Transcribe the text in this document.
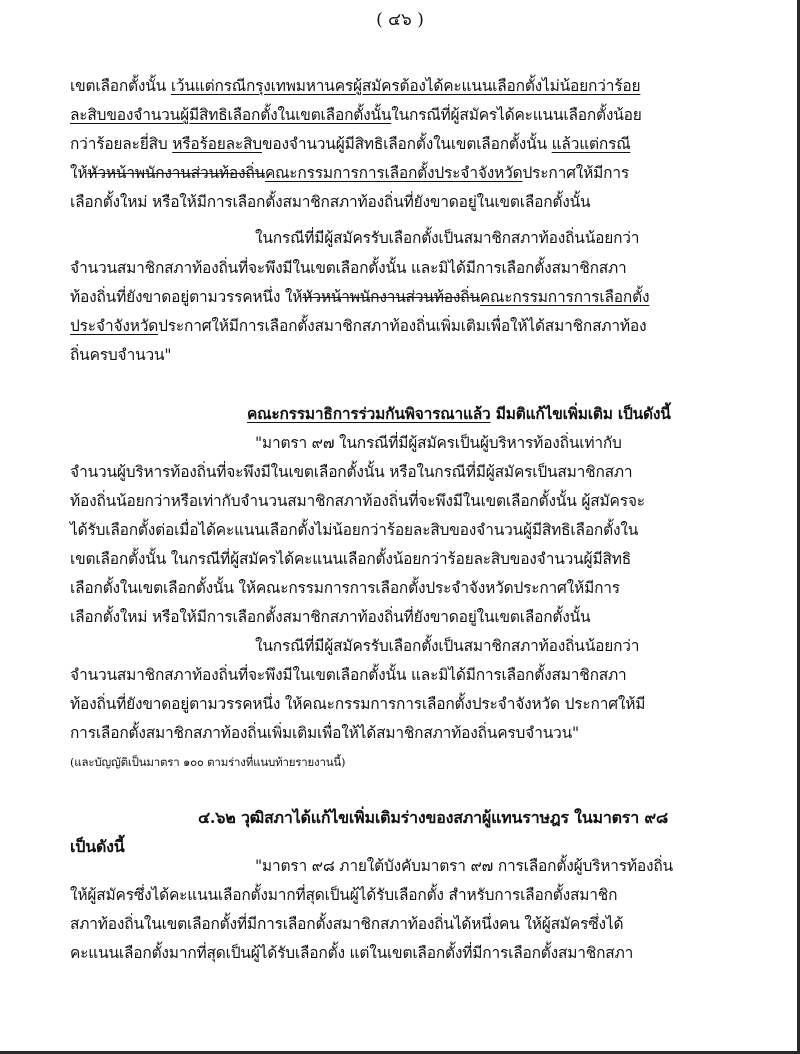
( ๔๖ )
เขตเลือกตั้งนั้น เว้นแต่กรณีกรุงเทพมหานครผู้สมัครต้องได้คะแนนเลือกตั้งไม่น้อยกว่าร้อย
ละสิบของจำนวนผู้มีสิทธิเลือกตั้งในเขตเลือกตั้งนั้นในกรณีที่ผู้สมัครได้คะแนนเลือกตั้งน้อย
กว่าร้อยละยี่สิบ หรือร้อยละสิบของจำนวนผู้มีสิทธิเลือกตั้งในเขตเลือกตั้งนั้น แล้วแต่กรณี
ให้หัวหน้าพนักงานส่วนท้องถิ่นคณะกรรมการการเลือกตั้งประจำจังหวัดประกาศให้มีการ
เลือกตั้งใหม่ หรือให้มีการเลือกตั้งสมาชิกสภาท้องถิ่นที่ยังขาดอยู่ในเขตเลือกตั้งนั้น
ในกรณีที่มีผู้สมัครรับเลือกตั้งเป็นสมาชิกสภาท้องถิ่นน้อยกว่า
จำนวนสมาชิกสภาท้องถิ่นที่จะพึงมีในเขตเลือกตั้งนั้น และมิได้มีการเลือกตั้งสมาชิกสภา
ท้องถิ่นที่ยังขาดอยู่ตามวรรคหนึ่ง ให้หัวหน้าพนักงานส่วนท้องถิ่นคณะกรรมการการเลือกตั้ง
ประจำจังหวัดประกาศให้มีการเลือกตั้งสมาชิกสภาท้องถิ่นเพิ่มเติมเพื่อให้ได้สมาชิกสภาท้อง
ถิ่นครบจำนวน"
คณะกรรมาธิการร่วมกันพิจารณาแล้ว มีมติแก้ไขเพิ่มเติม เป็นดังนี้
"มาตรา ๙๗ ในกรณีที่มีผู้สมัครเป็นผู้บริหารท้องถิ่นเท่ากับ
จำนวนผู้บริหารท้องถิ่นที่จะพึงมีในเขตเลือกตั้งนั้น หรือในกรณีที่มีผู้สมัครเป็นสมาชิกสภา
ท้องถิ่นน้อยกว่าหรือเท่ากับจำนวนสมาชิกสภาท้องถิ่นที่จะพึงมีในเขตเลือกตั้งนั้น ผู้สมัครจะ
ได้รับเลือกตั้งต่อเมื่อได้คะแนนเลือกตั้งไม่น้อยกว่าร้อยละสิบของจำนวนผู้มีสิทธิเลือกตั้งใน
เขตเลือกตั้งนั้น ในกรณีที่ผู้สมัครได้คะแนนเลือกตั้งน้อยกว่าร้อยละสิบของจำนวนผู้มีสิทธิ
เลือกตั้งในเขตเลือกตั้งนั้น ให้คณะกรรมการการเลือกตั้งประจำจังหวัดประกาศให้มีการ
เลือกตั้งใหม่ หรือให้มีการเลือกตั้งสมาชิกสภาท้องถิ่นที่ยังขาดอยู่ในเขตเลือกตั้งนั้น
ในกรณีที่มีผู้สมัครรับเลือกตั้งเป็นสมาชิกสภาท้องถิ่นน้อยกว่า
จำนวนสมาชิกสภาท้องถิ่นที่จะพึงมีในเขตเลือกตั้งนั้น และมิได้มีการเลือกตั้งสมาชิกสภา
ท้องถิ่นที่ยังขาดอยู่ตามวรรคหนึ่ง ให้คณะกรรมการการเลือกตั้งประจำจังหวัด ประกาศให้มี
การเลือกตั้งสมาชิกสภาท้องถิ่นเพิ่มเติมเพื่อให้ได้สมาชิกสภาท้องถิ่นครบจำนวน"
(และบัญญัติเป็นมาตรา ๑๐๐ ตามร่างที่แนบท้ายรายงานนี้)
๔.๖๒ วุฒิสภาได้แก้ไขเพิ่มเติมร่างของสภาผู้แทนราษฎร ในมาตรา ๙๘
เป็นดังนี้
"มาตรา ๙๘ ภายใต้บังคับมาตรา ๙๗ การเลือกตั้งผู้บริหารท้องถิ่น
ให้ผู้สมัครซึ่งได้คะแนนเลือกตั้งมากที่สุดเป็นผู้ได้รับเลือกตั้ง สำหรับการเลือกตั้งสมาชิก
สภาท้องถิ่นในเขตเลือกตั้งที่มีการเลือกตั้งสมาชิกสภาท้องถิ่นได้หนึ่งคน ให้ผู้สมัครซึ่งได้
คะแนนเลือกตั้งมากที่สุดเป็นผู้ได้รับเลือกตั้ง แต่ในเขตเลือกตั้งที่มีการเลือกตั้งสมาชิกสภา
